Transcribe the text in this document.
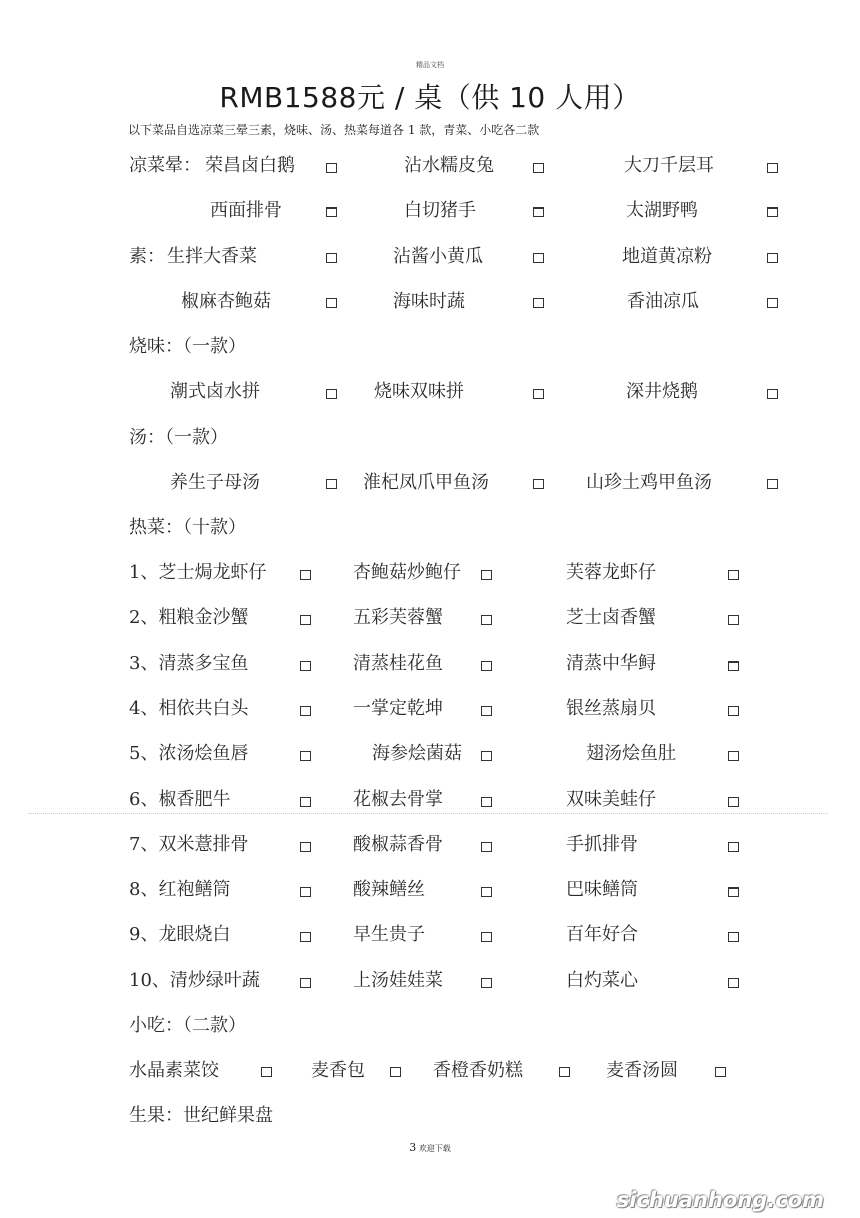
精品文档
RMB1588元 / 桌（供 10 人用）
以下菜品自选凉菜三晕三素，烧味、汤、热菜每道各 1 款，青菜、小吃各二款
凉菜晕： 荣昌卤白鹅	沾水糯皮兔	大刀千层耳
西面排骨	白切猪手	太湖野鸭
素： 生拌大香菜	沾酱小黄瓜	地道黄凉粉
椒麻杏鲍菇	海味时蔬	香油凉瓜
烧味：（一款）
潮式卤水拼	烧味双味拼	深井烧鹅
汤：（一款）
养生子母汤	淮杞凤爪甲鱼汤	山珍土鸡甲鱼汤
热菜：（十款）
1、芝士焗龙虾仔	杏鲍菇炒鲍仔	芙蓉龙虾仔
2、粗粮金沙蟹	五彩芙蓉蟹	芝士卤香蟹
3、清蒸多宝鱼	清蒸桂花鱼	清蒸中华鲟
4、相依共白头	一掌定乾坤	银丝蒸扇贝
5、浓汤烩鱼唇	海参烩菌菇	翅汤烩鱼肚
6、椒香肥牛	花椒去骨掌	双味美蛙仔
7、双米薏排骨	酸椒蒜香骨	手抓排骨
8、红袍鳝筒	酸辣鳝丝	巴味鳝筒
9、龙眼烧白	早生贵子	百年好合
10、清炒绿叶蔬	上汤娃娃菜	白灼菜心
小吃：（二款）
水晶素菜饺	麦香包	香橙香奶糕	麦香汤圆
生果：世纪鲜果盘
3 欢迎下载
sichuanhong.com
